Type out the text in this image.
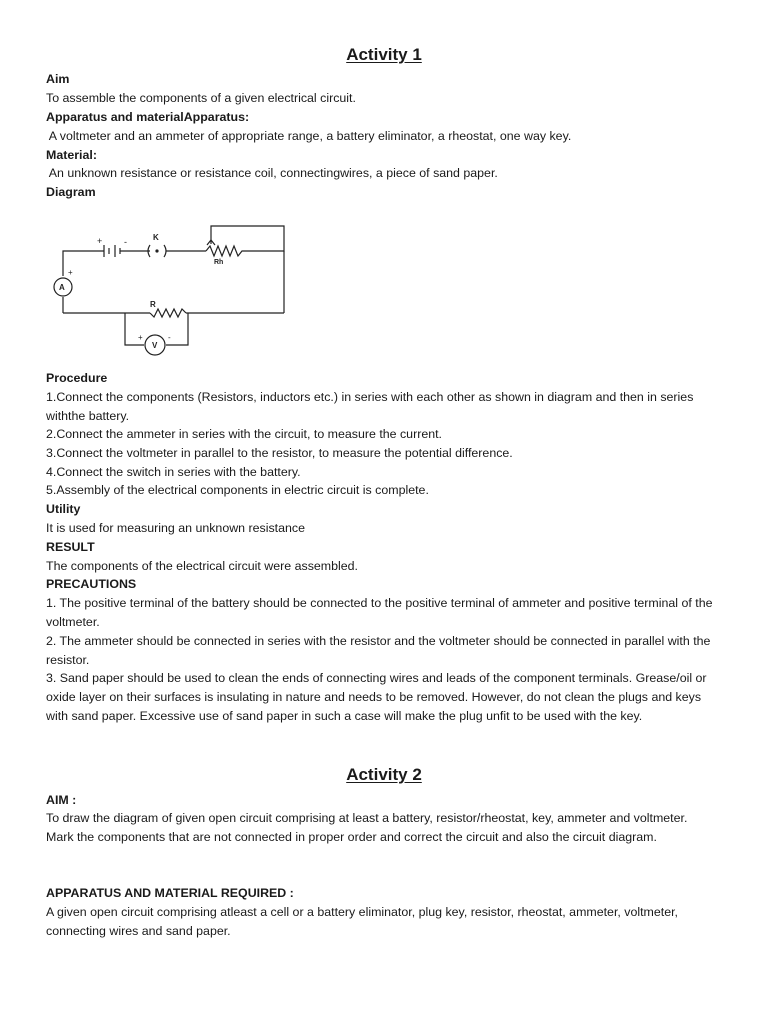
Activity 1

Aim

To assemble the components of a given electrical circuit.

Apparatus and materialApparatus:

A voltmeter and an ammeter of appropriate range, a battery eliminator, a rheostat, one way key.

Material:

An unknown resistance or resistance coil, connectingwires, a piece of sand paper.

Diagram

+ -	K
Rh
A
+
R
V
+	-
( • )

Procedure

1.Connect the components (Resistors, inductors etc.) in series with each other as shown in diagram and then in series withthe battery.

2.Connect the ammeter in series with the circuit, to measure the current.

3.Connect the voltmeter in parallel to the resistor, to measure the potential difference.

4.Connect the switch in series with the battery.

5.Assembly of the electrical components in electric circuit is complete.

Utility

It is used for measuring an unknown resistance

RESULT

The components of the electrical circuit were assembled.

PRECAUTIONS

1. The positive terminal of the battery should be connected to the positive terminal of ammeter and positive terminal of the voltmeter.

2. The ammeter should be connected in series with the resistor and the voltmeter should be connected in parallel with the resistor.

3. Sand paper should be used to clean the ends of connecting wires and leads of the component terminals. Grease/oil or oxide layer on their surfaces is insulating in nature and needs to be removed. However, do not clean the plugs and keys with sand paper. Excessive use of sand paper in such a case will make the plug unfit to be used with the key.

Activity 2

AIM :

To draw the diagram of given open circuit comprising at least a battery, resistor/rheostat, key, ammeter and voltmeter. Mark the components that are not connected in proper order and correct the circuit and also the circuit diagram.

APPARATUS AND MATERIAL REQUIRED :

A given open circuit comprising atleast a cell or a battery eliminator, plug key, resistor, rheostat, ammeter, voltmeter, connecting wires and sand paper.
